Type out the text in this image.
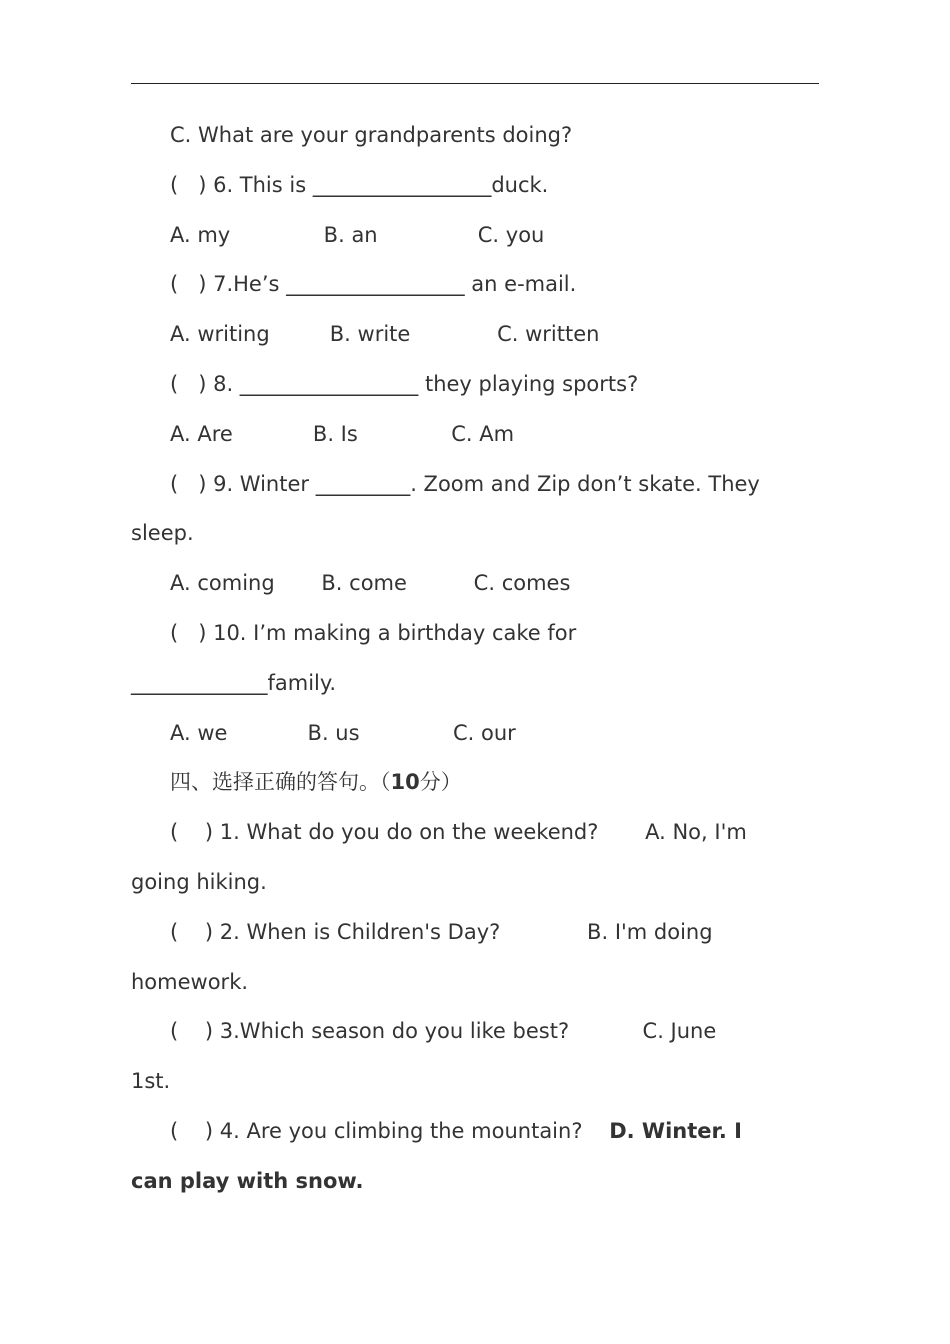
C. What are your grandparents doing?
(   ) 6. This is _________________duck.
A. my              B. an               C. you
(   ) 7.He’s _________________ an e-mail.
A. writing         B. write             C. written
(   ) 8. _________________ they playing sports?
A. Are            B. Is              C. Am
(   ) 9. Winter _________. Zoom and Zip don’t skate. They
sleep.
A. coming       B. come          C. comes
(   ) 10. I’m making a birthday cake for
_____________family.
A. we            B. us              C. our
四、选择正确的答句。（10分）
(    ) 1. What do you do on the weekend?       A. No, I'm
going hiking.
(    ) 2. When is Children's Day?             B. I'm doing
homework.
(    ) 3.Which season do you like best?           C. June
1st.
(    ) 4. Are you climbing the mountain?    D. Winter. I
can play with snow.
